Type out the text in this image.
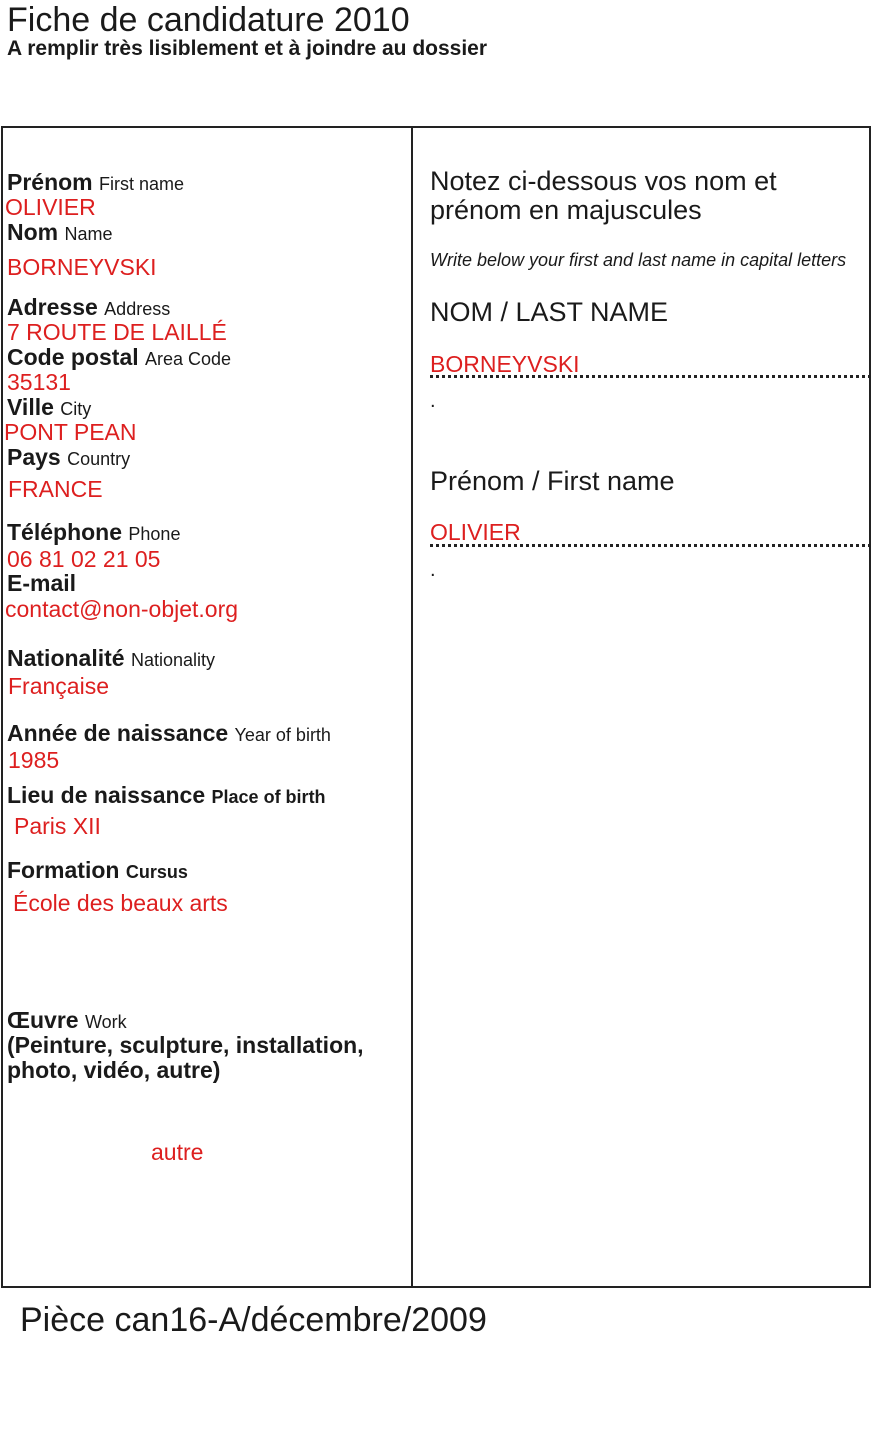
Fiche de candidature 2010
A remplir très lisiblement et à joindre au dossier
Prénom First name
OLIVIER
Nom Name
BORNEYVSKI
Adresse Address
7 ROUTE DE LAILLÉ
Code postal Area Code
35131
Ville City
PONT PEAN
Pays Country
FRANCE
Téléphone Phone
06 81 02 21 05
E-mail
contact@non-objet.org
Nationalité Nationality
Française
Année de naissance Year of birth
1985
Lieu de naissance Place of birth
Paris XII
Formation Cursus
École des beaux arts
Œuvre Work
(Peinture, sculpture, installation,
photo, vidéo, autre)
autre
Notez ci-dessous vos nom et
prénom en majuscules
Write below your first and last name in capital letters
NOM / LAST NAME
BORNEYVSKI
.
Prénom / First name
OLIVIER
.
Pièce can16-A/décembre/2009
